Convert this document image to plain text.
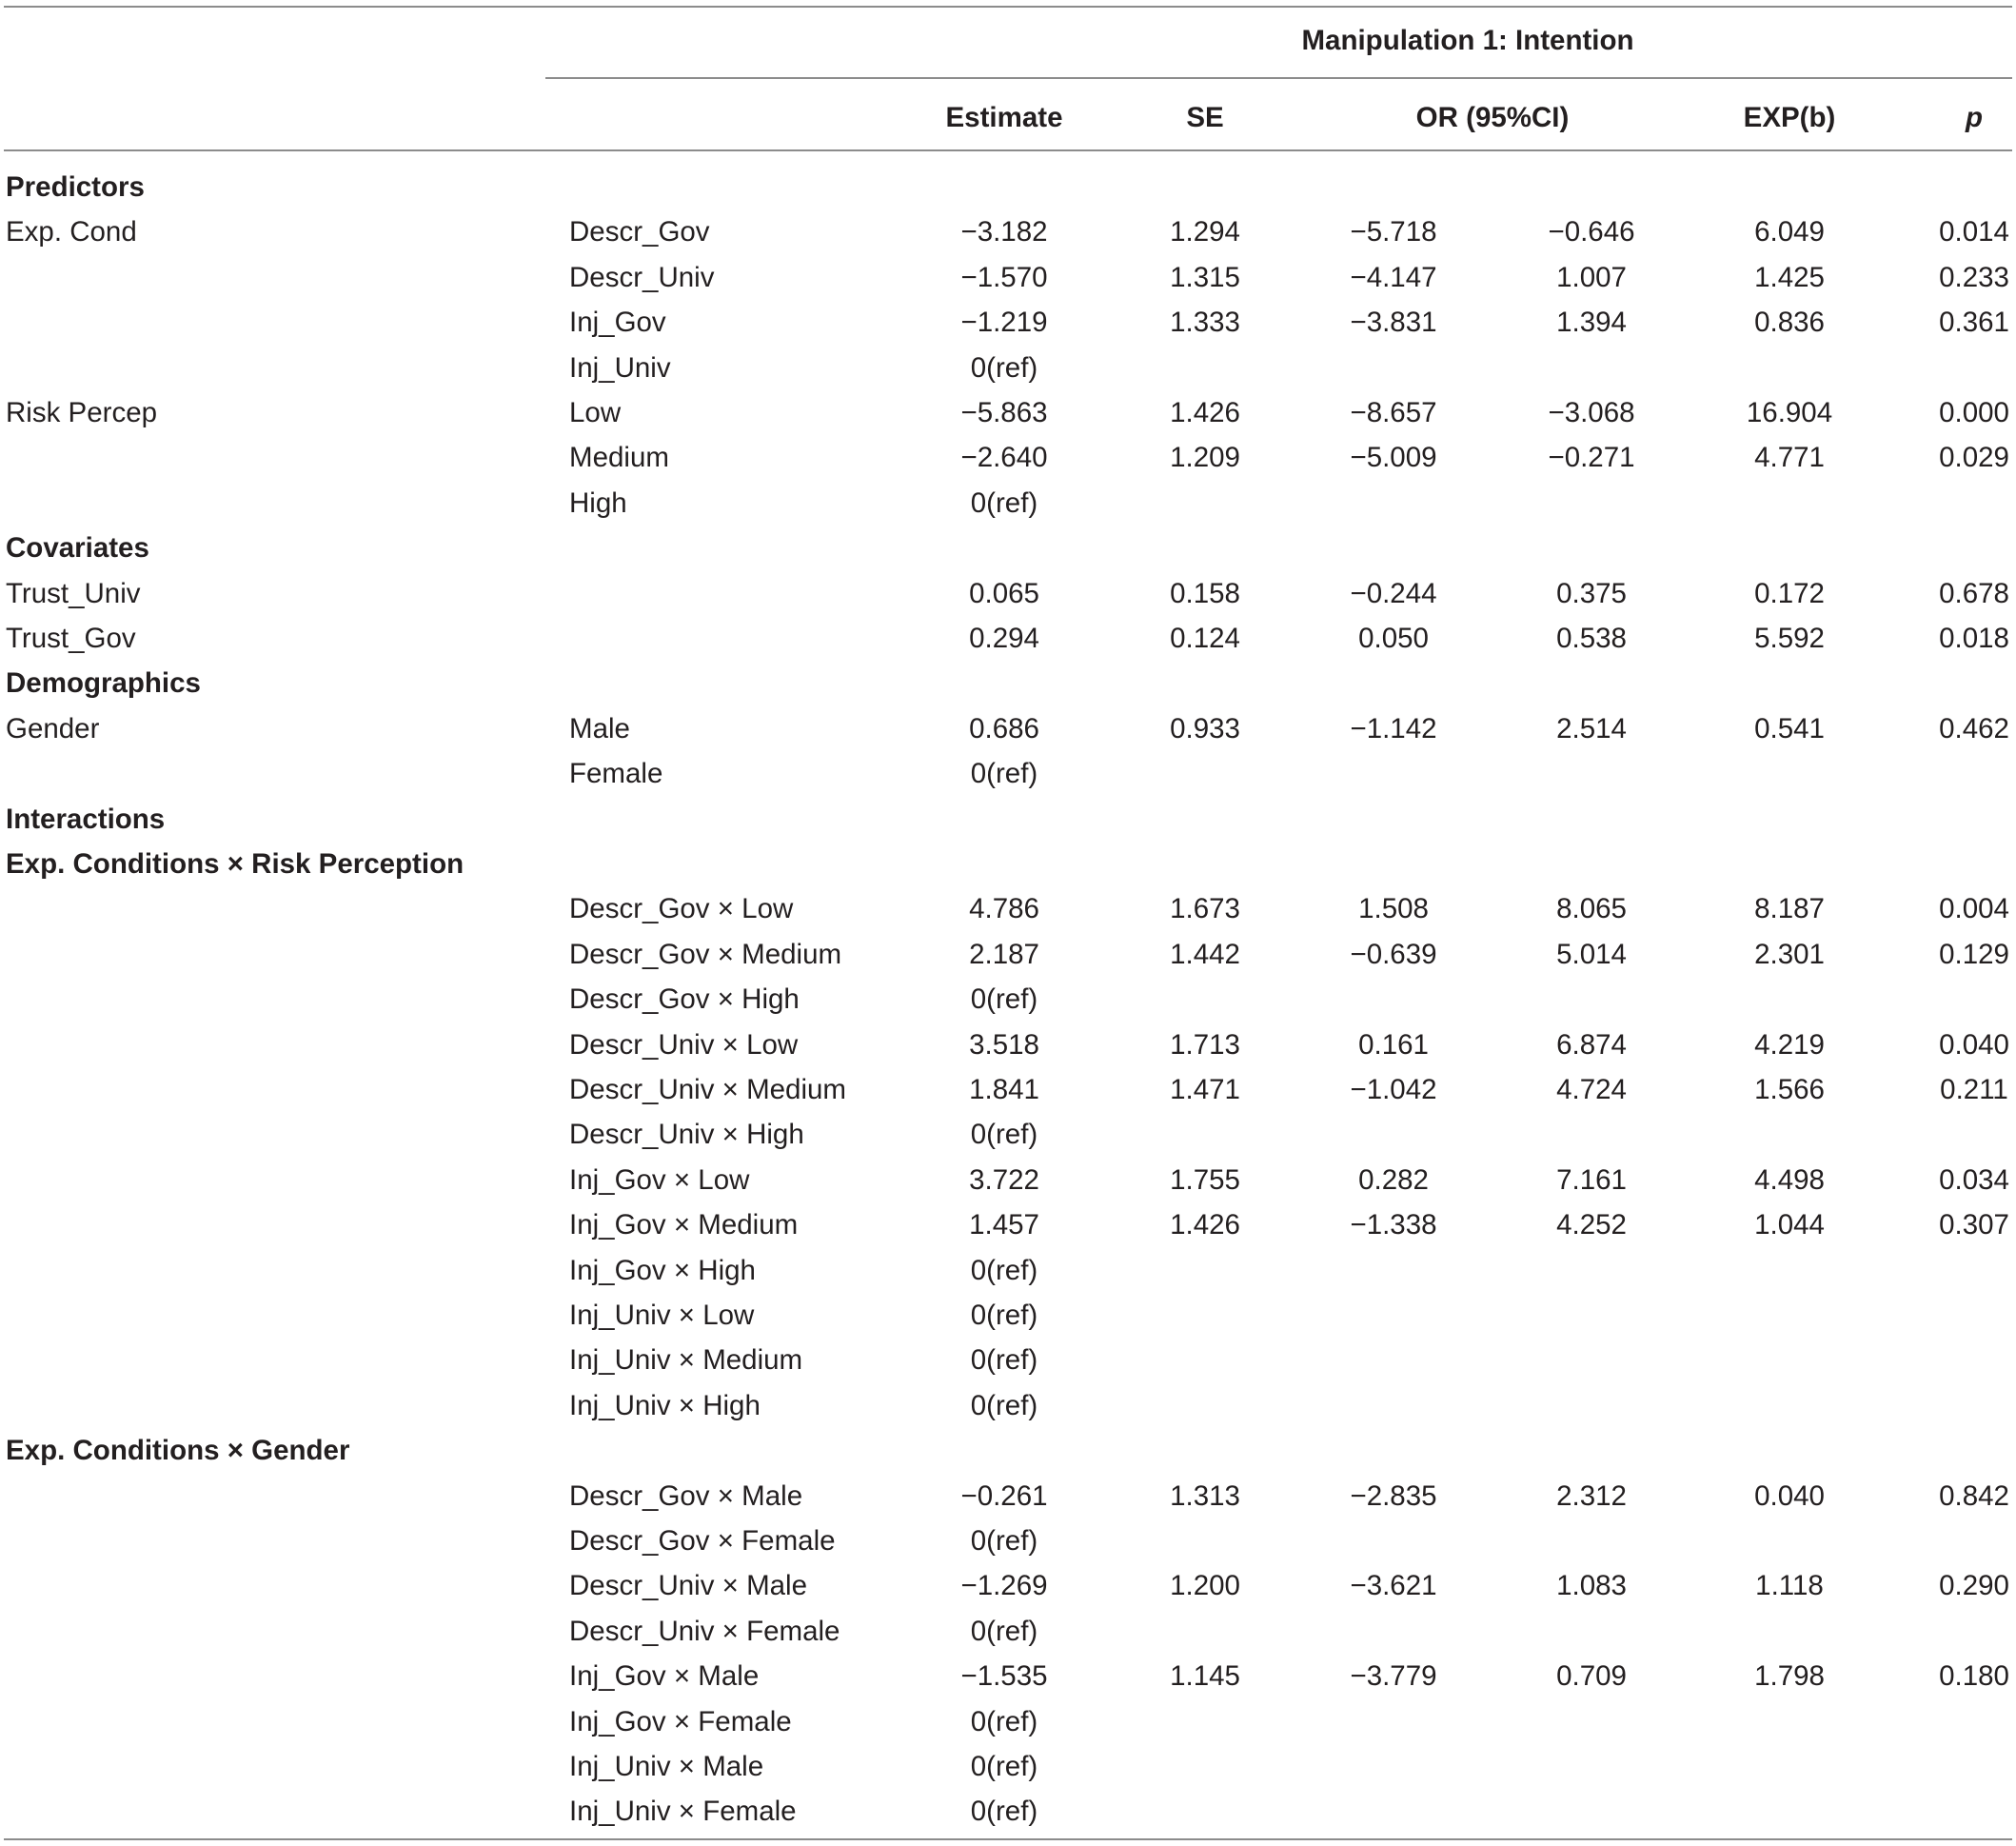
Manipulation 1: Intention
Estimate	SE	OR (95%CI)	EXP(b)	p
Predictors
Exp. Cond	Descr_Gov	−3.182	1.294	−5.718	−0.646	6.049	0.014
Descr_Univ	−1.570	1.315	−4.147	1.007	1.425	0.233
Inj_Gov	−1.219	1.333	−3.831	1.394	0.836	0.361
Inj_Univ	0(ref)
Risk Percep	Low	−5.863	1.426	−8.657	−3.068	16.904	0.000
Medium	−2.640	1.209	−5.009	−0.271	4.771	0.029
High	0(ref)
Covariates
Trust_Univ	0.065	0.158	−0.244	0.375	0.172	0.678
Trust_Gov	0.294	0.124	0.050	0.538	5.592	0.018
Demographics
Gender	Male	0.686	0.933	−1.142	2.514	0.541	0.462
Female	0(ref)
Interactions
Exp. Conditions × Risk Perception
Descr_Gov × Low	4.786	1.673	1.508	8.065	8.187	0.004
Descr_Gov × Medium	2.187	1.442	−0.639	5.014	2.301	0.129
Descr_Gov × High	0(ref)
Descr_Univ × Low	3.518	1.713	0.161	6.874	4.219	0.040
Descr_Univ × Medium	1.841	1.471	−1.042	4.724	1.566	0.211
Descr_Univ × High	0(ref)
Inj_Gov × Low	3.722	1.755	0.282	7.161	4.498	0.034
Inj_Gov × Medium	1.457	1.426	−1.338	4.252	1.044	0.307
Inj_Gov × High	0(ref)
Inj_Univ × Low	0(ref)
Inj_Univ × Medium	0(ref)
Inj_Univ × High	0(ref)
Exp. Conditions × Gender
Descr_Gov × Male	−0.261	1.313	−2.835	2.312	0.040	0.842
Descr_Gov × Female	0(ref)
Descr_Univ × Male	−1.269	1.200	−3.621	1.083	1.118	0.290
Descr_Univ × Female	0(ref)
Inj_Gov × Male	−1.535	1.145	−3.779	0.709	1.798	0.180
Inj_Gov × Female	0(ref)
Inj_Univ × Male	0(ref)
Inj_Univ × Female	0(ref)
